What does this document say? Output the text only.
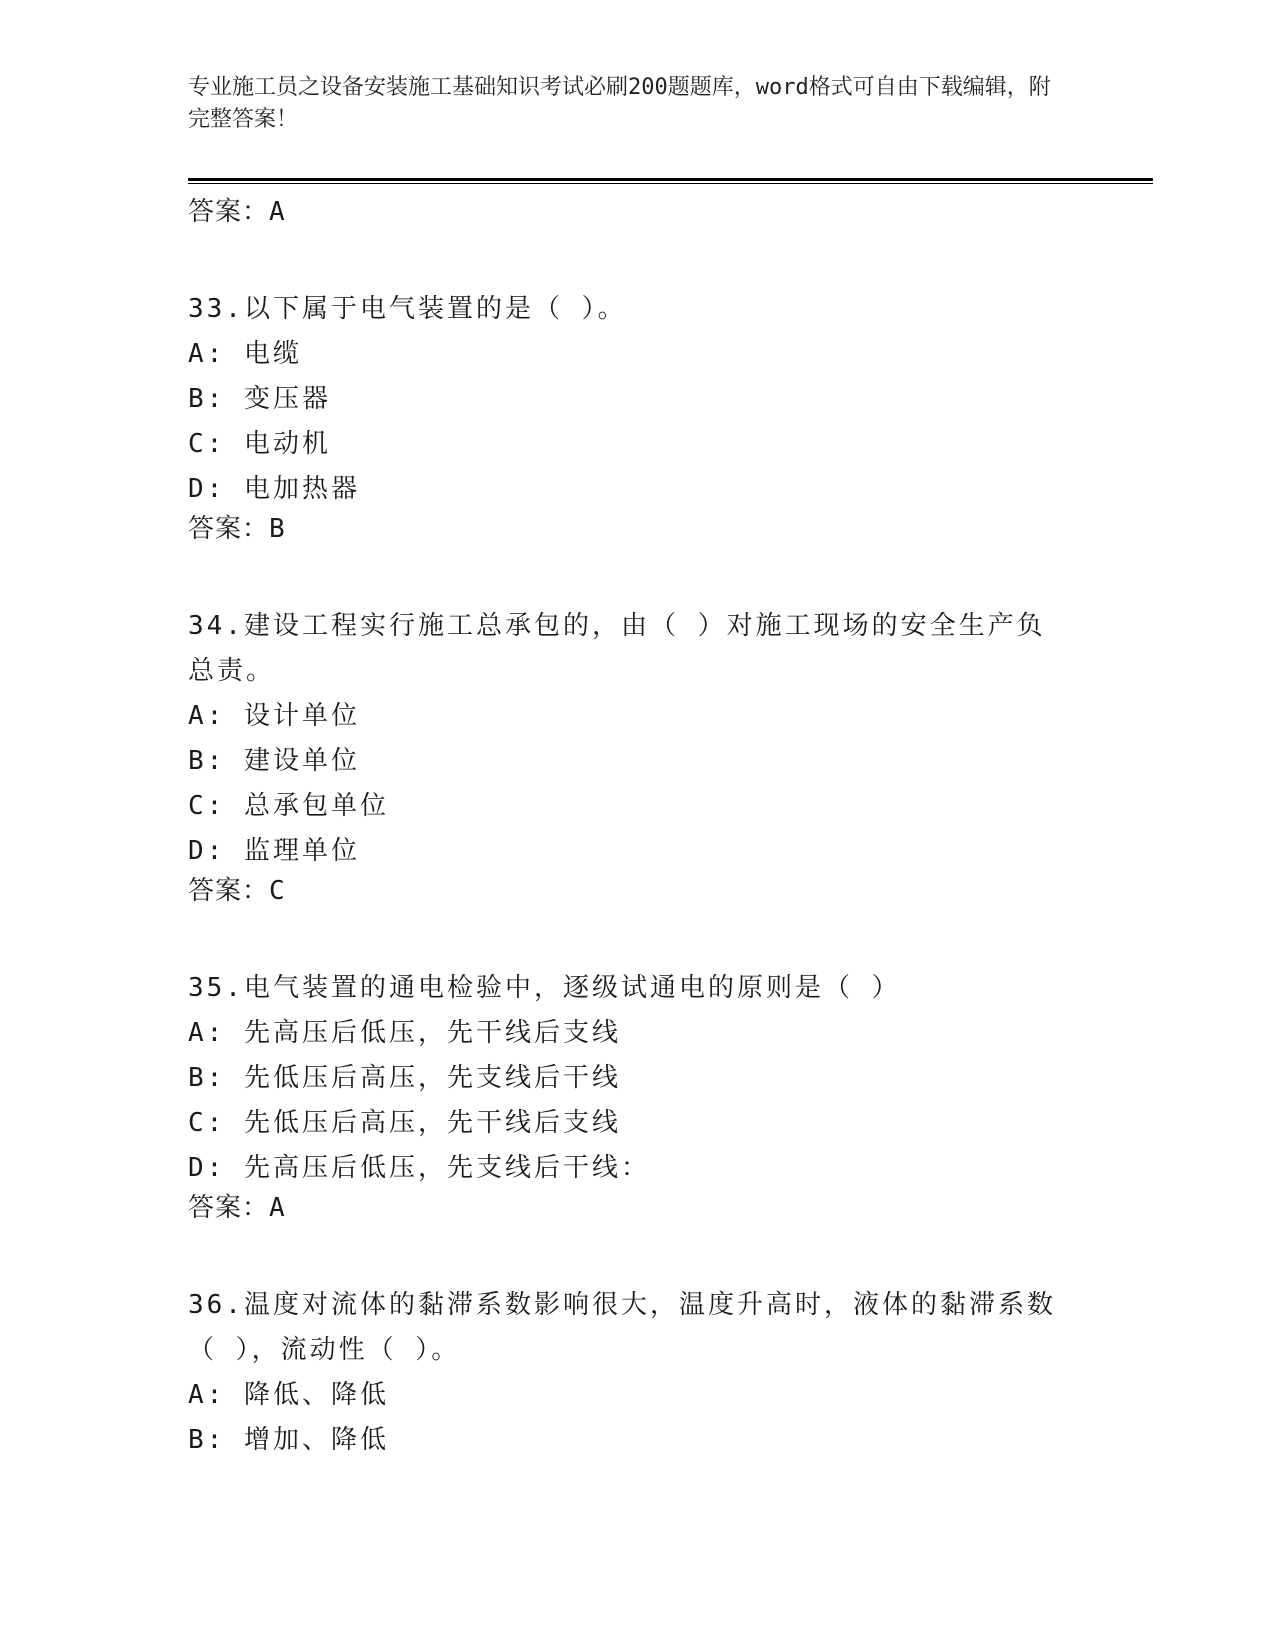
专业施工员之设备安装施工基础知识考试必刷200题题库，word格式可自由下载编辑，附完整答案！

答案：A

33.以下属于电气装置的是（ ）。

A: 电缆

B: 变压器

C: 电动机

D: 电加热器

答案：B

34.建设工程实行施工总承包的，由（ ）对施工现场的安全生产负总责。

A: 设计单位

B: 建设单位

C: 总承包单位

D: 监理单位

答案：C

35.电气装置的通电检验中，逐级试通电的原则是（ ）

A: 先高压后低压，先干线后支线

B: 先低压后高压，先支线后干线

C: 先低压后高压，先干线后支线

D: 先高压后低压，先支线后干线：

答案：A

36.温度对流体的黏滞系数影响很大，温度升高时，液体的黏滞系数（ ），流动性（ ）。

A: 降低、降低

B: 增加、降低
